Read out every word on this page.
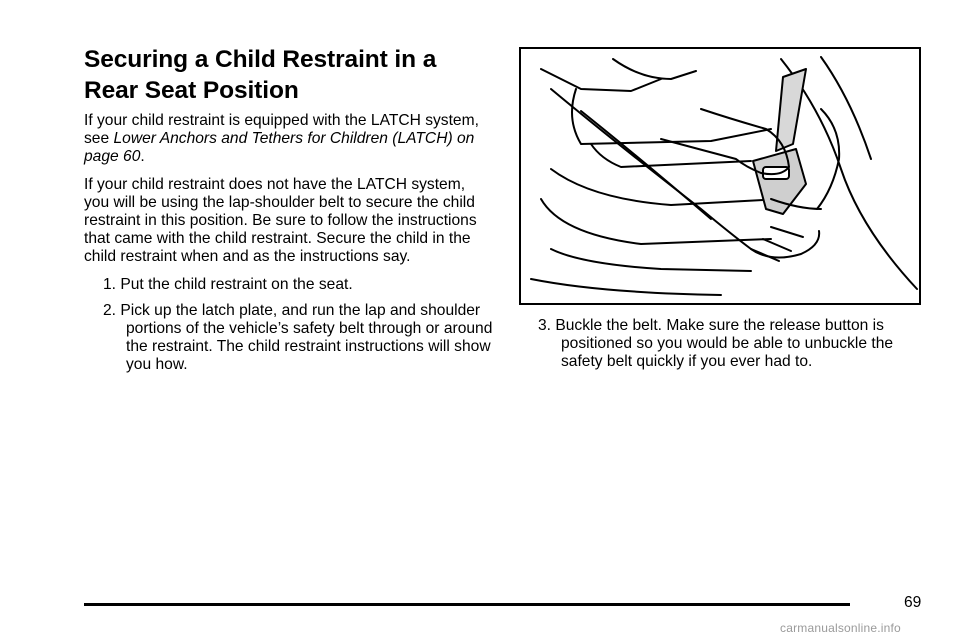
Securing a Child Restraint in a Rear Seat Position

If your child restraint is equipped with the LATCH system, see Lower Anchors and Tethers for Children (LATCH) on page 60.

If your child restraint does not have the LATCH system, you will be using the lap-shoulder belt to secure the child restraint in this position. Be sure to follow the instructions that came with the child restraint. Secure the child in the child restraint when and as the instructions say.

1. Put the child restraint on the seat.
2. Pick up the latch plate, and run the lap and shoulder portions of the vehicle’s safety belt through or around the restraint. The child restraint instructions will show you how.
3. Buckle the belt. Make sure the release button is positioned so you would be able to unbuckle the safety belt quickly if you ever had to.
69
carmanualsonline.info
